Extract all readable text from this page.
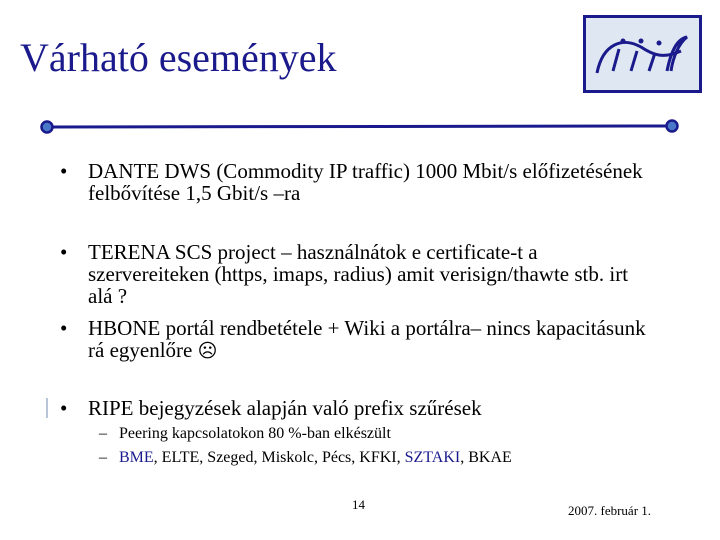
Várható események
niif
• DANTE DWS (Commodity IP traffic) 1000 Mbit/s előfizetésének felbővítése 1,5 Gbit/s –ra
• TERENA SCS project – használnátok e certificate-t a szervereiteken (https, imaps, radius) amit verisign/thawte stb. irt alá ?
• HBONE portál rendbetétele + Wiki a portálra– nincs kapacitásunk rá egyenlőre ☹
• RIPE bejegyzések alapján való prefix szűrések
– Peering kapcsolatokon 80 %-ban elkészült
– BME, ELTE, Szeged, Miskolc, Pécs, KFKI, SZTAKI, BKAE
14	2007. február 1.
